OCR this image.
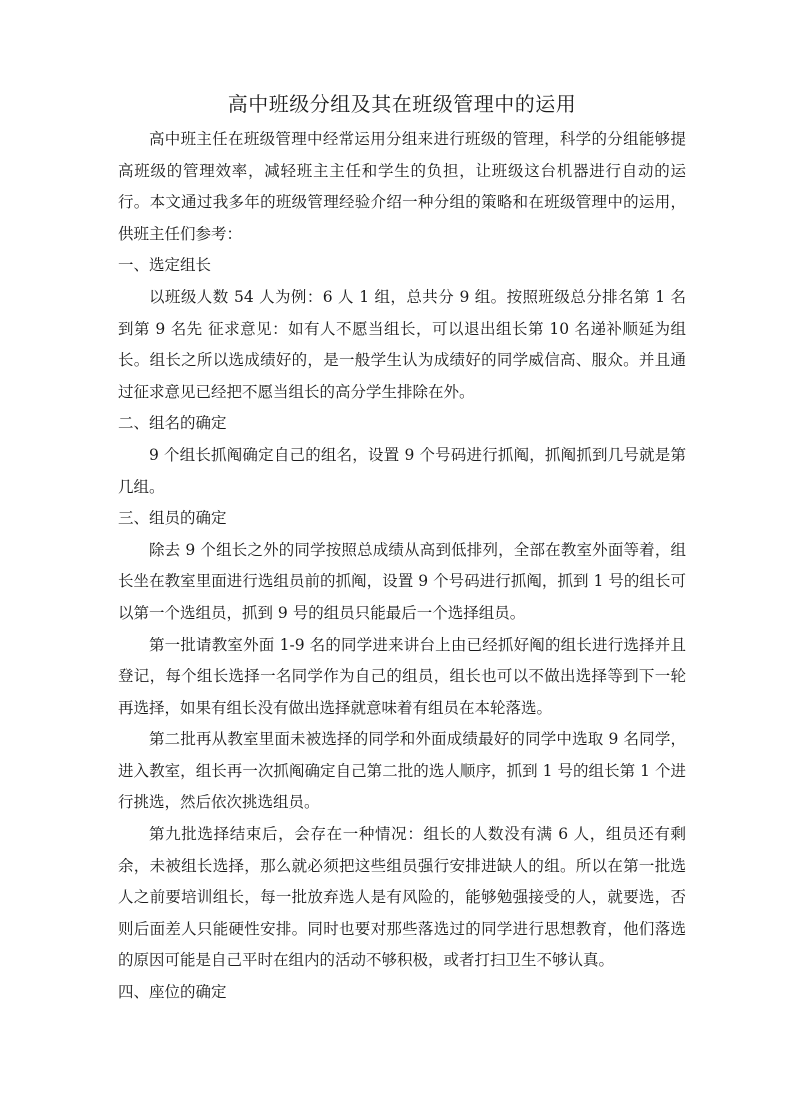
高中班级分组及其在班级管理中的运用

高中班主任在班级管理中经常运用分组来进行班级的管理，科学的分组能够提高班级的管理效率，减轻班主主任和学生的负担，让班级这台机器进行自动的运行。本文通过我多年的班级管理经验介绍一种分组的策略和在班级管理中的运用，供班主任们参考：

一、选定组长

以班级人数 54 人为例：6 人 1 组，总共分 9 组。按照班级总分排名第 1 名到第 9 名先 征求意见：如有人不愿当组长，可以退出组长第 10 名递补顺延为组长。组长之所以选成绩好的，是一般学生认为成绩好的同学威信高、服众。并且通过征求意见已经把不愿当组长的高分学生排除在外。

二、组名的确定

9 个组长抓阄确定自己的组名，设置 9 个号码进行抓阄，抓阄抓到几号就是第几组。

三、组员的确定

除去 9 个组长之外的同学按照总成绩从高到低排列，全部在教室外面等着，组长坐在教室里面进行选组员前的抓阄，设置 9 个号码进行抓阄，抓到 1 号的组长可以第一个选组员，抓到 9 号的组员只能最后一个选择组员。

第一批请教室外面 1-9 名的同学进来讲台上由已经抓好阄的组长进行选择并且登记，每个组长选择一名同学作为自己的组员，组长也可以不做出选择等到下一轮再选择，如果有组长没有做出选择就意味着有组员在本轮落选。

第二批再从教室里面未被选择的同学和外面成绩最好的同学中选取 9 名同学，进入教室，组长再一次抓阄确定自己第二批的选人顺序，抓到 1 号的组长第 1 个进行挑选，然后依次挑选组员。

第九批选择结束后，会存在一种情况：组长的人数没有满 6 人，组员还有剩余，未被组长选择，那么就必须把这些组员强行安排进缺人的组。所以在第一批选人之前要培训组长，每一批放弃选人是有风险的，能够勉强接受的人，就要选，否则后面差人只能硬性安排。同时也要对那些落选过的同学进行思想教育，他们落选的原因可能是自己平时在组内的活动不够积极，或者打扫卫生不够认真。

四、座位的确定
